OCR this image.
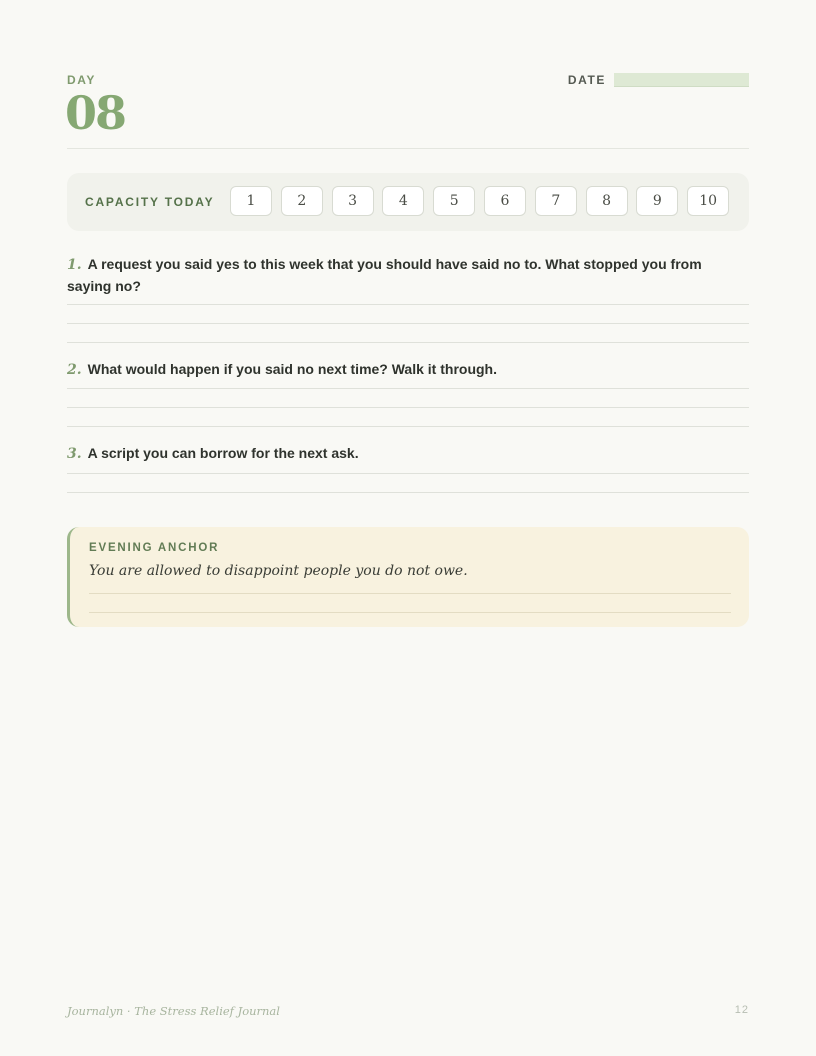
DAY
08
DATE
CAPACITY TODAY	1	2	3	4	5	6	7	8	9	10
1. A request you said yes to this week that you should have said no to. What stopped you from saying no?
2. What would happen if you said no next time? Walk it through.
3. A script you can borrow for the next ask.
EVENING ANCHOR
You are allowed to disappoint people you do not owe.
Journalyn · The Stress Relief Journal	12
